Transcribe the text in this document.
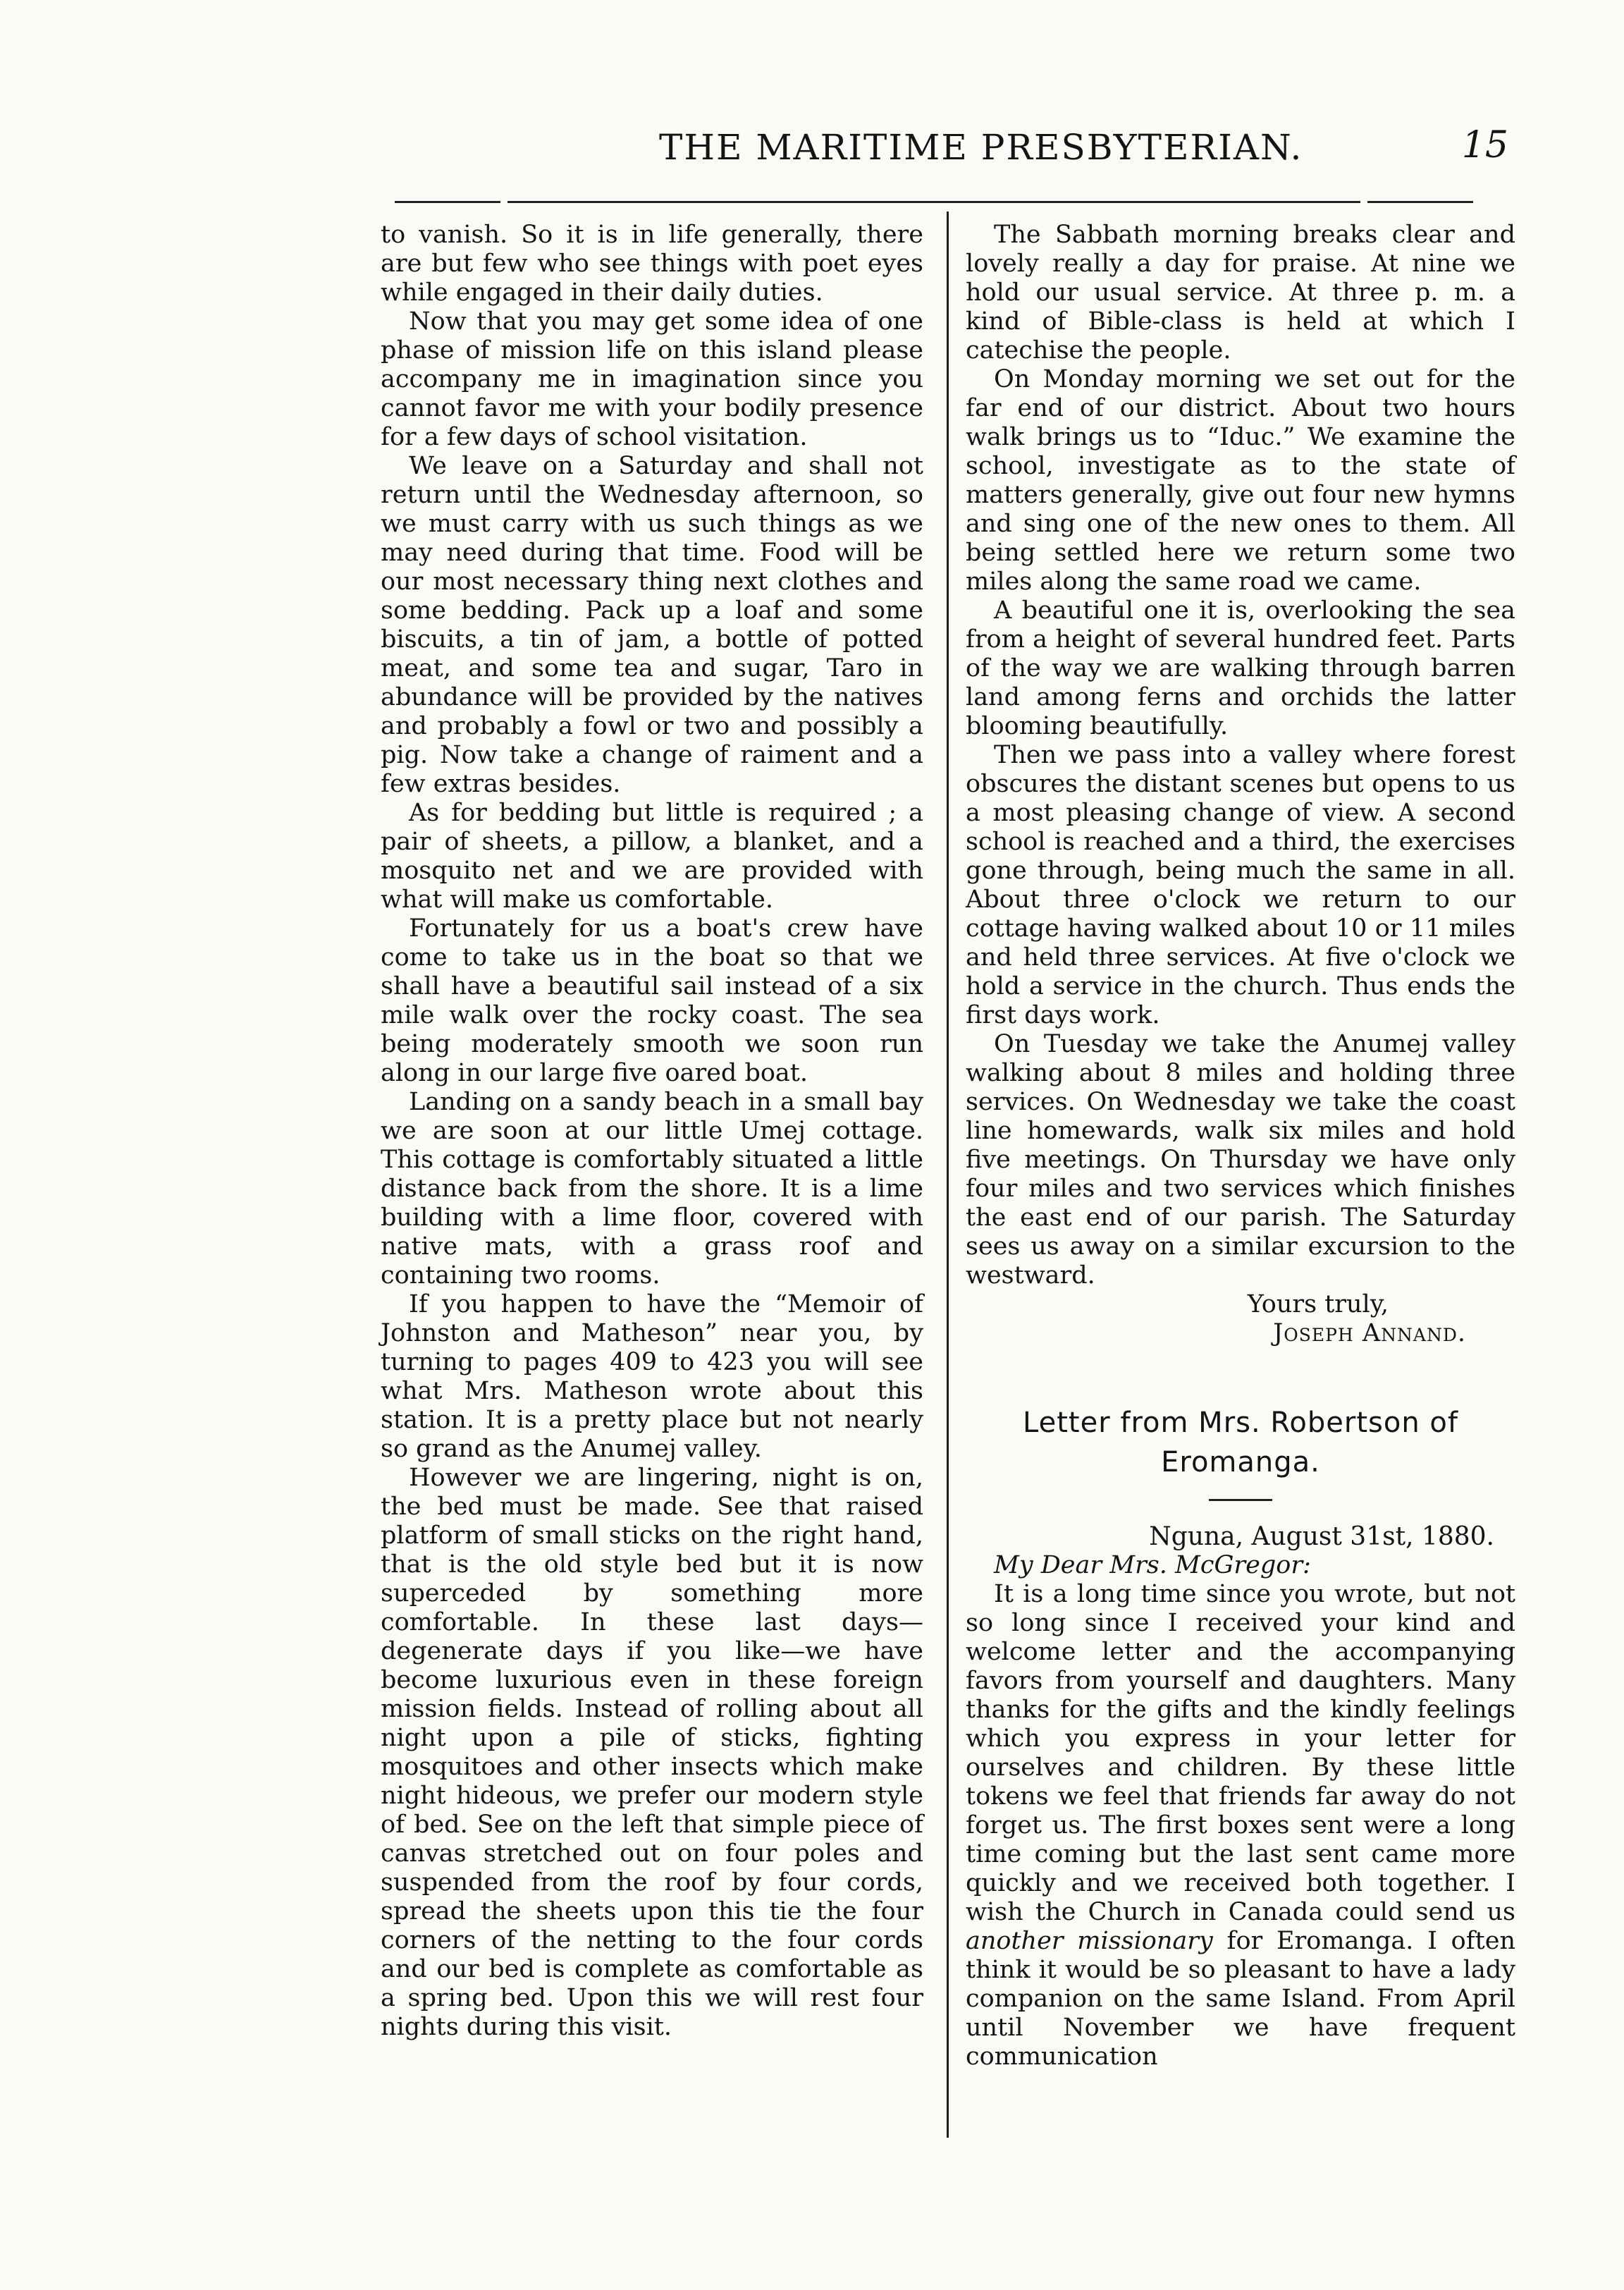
THE MARITIME PRESBYTERIAN.	15

to vanish. So it is in life generally, there are but few who see things with poet eyes while engaged in their daily duties.

Now that you may get some idea of one phase of mission life on this island please accompany me in imagination since you cannot favor me with your bodily presence for a few days of school visitation.

We leave on a Saturday and shall not return until the Wednesday afternoon, so we must carry with us such things as we may need during that time. Food will be our most necessary thing next clothes and some bedding. Pack up a loaf and some biscuits, a tin of jam, a bottle of potted meat, and some tea and sugar, Taro in abundance will be provided by the natives and probably a fowl or two and possibly a pig. Now take a change of raiment and a few extras besides.

As for bedding but little is required ; a pair of sheets, a pillow, a blanket, and a mosquito net and we are provided with what will make us comfortable.

Fortunately for us a boat's crew have come to take us in the boat so that we shall have a beautiful sail instead of a six mile walk over the rocky coast. The sea being moderately smooth we soon run along in our large five oared boat.

Landing on a sandy beach in a small bay we are soon at our little Umej cottage. This cottage is comfortably situated a little distance back from the shore. It is a lime building with a lime floor, covered with native mats, with a grass roof and containing two rooms.

If you happen to have the “Memoir of Johnston and Matheson” near you, by turning to pages 409 to 423 you will see what Mrs. Matheson wrote about this station. It is a pretty place but not nearly so grand as the Anumej valley.

However we are lingering, night is on, the bed must be made. See that raised platform of small sticks on the right hand, that is the old style bed but it is now superceded by something more comfortable. In these last days—degenerate days if you like—we have become luxurious even in these foreign mission fields. Instead of rolling about all night upon a pile of sticks, fighting mosquitoes and other insects which make night hideous, we prefer our modern style of bed. See on the left that simple piece of canvas stretched out on four poles and suspended from the roof by four cords, spread the sheets upon this tie the four corners of the netting to the four cords and our bed is complete as comfortable as a spring bed. Upon this we will rest four nights during this visit.

The Sabbath morning breaks clear and lovely really a day for praise. At nine we hold our usual service. At three p. m. a kind of Bible-class is held at which I catechise the people.

On Monday morning we set out for the far end of our district. About two hours walk brings us to “Iduc.” We examine the school, investigate as to the state of matters generally, give out four new hymns and sing one of the new ones to them. All being settled here we return some two miles along the same road we came.

A beautiful one it is, overlooking the sea from a height of several hundred feet. Parts of the way we are walking through barren land among ferns and orchids the latter blooming beautifully.

Then we pass into a valley where forest obscures the distant scenes but opens to us a most pleasing change of view. A second school is reached and a third, the exercises gone through, being much the same in all. About three o'clock we return to our cottage having walked about 10 or 11 miles and held three services. At five o'clock we hold a service in the church. Thus ends the first days work.

On Tuesday we take the Anumej valley walking about 8 miles and holding three services. On Wednesday we take the coast line homewards, walk six miles and hold five meetings. On Thursday we have only four miles and two services which finishes the east end of our parish. The Saturday sees us away on a similar excursion to the westward.

Yours truly,

Joseph Annand.

Letter from Mrs. Robertson of Eromanga.

Nguna, August 31st, 1880.

My Dear Mrs. McGregor:

It is a long time since you wrote, but not so long since I received your kind and welcome letter and the accompanying favors from yourself and daughters. Many thanks for the gifts and the kindly feelings which you express in your letter for ourselves and children. By these little tokens we feel that friends far away do not forget us. The first boxes sent were a long time coming but the last sent came more quickly and we received both together. I wish the Church in Canada could send us another missionary for Eromanga. I often think it would be so pleasant to have a lady companion on the same Island. From April until November we have frequent communication
